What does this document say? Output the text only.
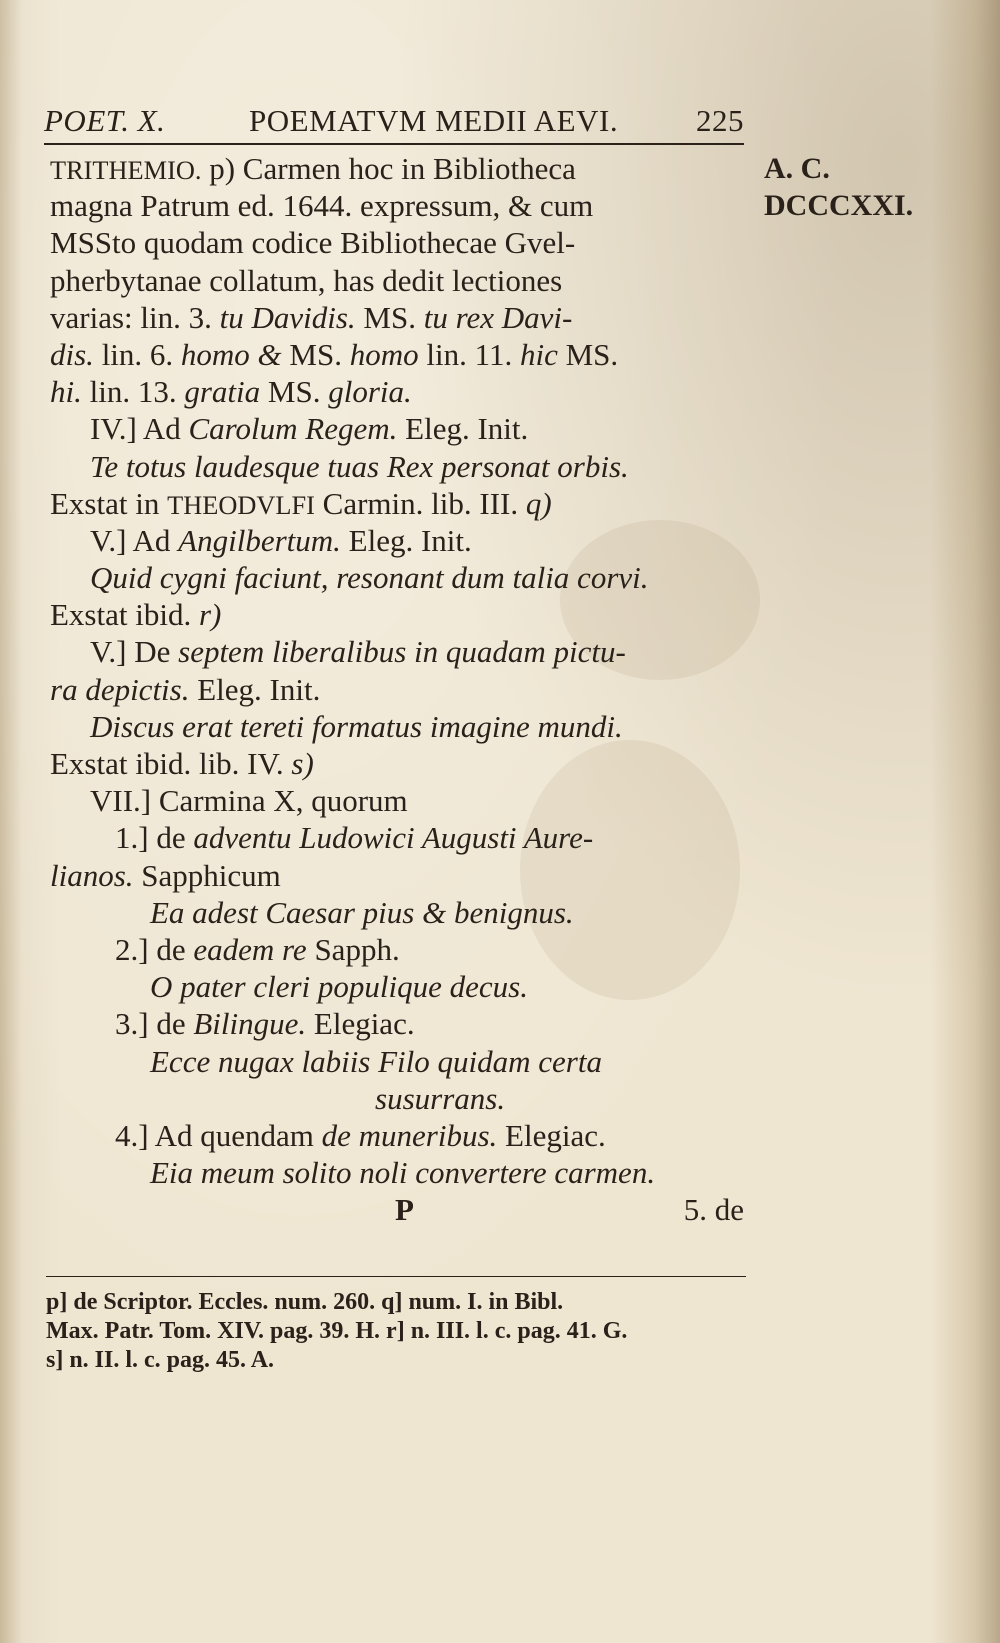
POET. X.	POEMATVM MEDII AEVI.	225
A. C.
DCCCXXI.
TRITHEMIO. p) Carmen hoc in Bibliotheca
magna Patrum ed. 1644. expressum, & cum
MSSto quodam codice Bibliothecae Gvel-
pherbytanae collatum, has dedit lectiones
varias: lin. 3. tu Davidis. MS. tu rex Davi-
dis. lin. 6. homo & MS. homo lin. 11. hic MS.
hi. lin. 13. gratia MS. gloria.
IV.] Ad Carolum Regem. Eleg. Init.
Te totus laudesque tuas Rex personat orbis.
Exstat in THEODVLFI Carmin. lib. III. q)
V.] Ad Angilbertum. Eleg. Init.
Quid cygni faciunt, resonant dum talia corvi.
Exstat ibid. r)
V.] De septem liberalibus in quadam pictu-
ra depictis. Eleg. Init.
Discus erat tereti formatus imagine mundi.
Exstat ibid. lib. IV. s)
VII.] Carmina X, quorum
1.] de adventu Ludowici Augusti Aure-
lianos. Sapphicum
Ea adest Caesar pius & benignus.
2.] de eadem re Sapph.
O pater cleri populique decus.
3.] de Bilingue. Elegiac.
Ecce nugax labiis Filo quidam certa
susurrans.
4.] Ad quendam de muneribus. Elegiac.
Eia meum solito noli convertere carmen.
P	5. de
p] de Scriptor. Eccles. num. 260. q] num. I. in Bibl.
Max. Patr. Tom. XIV. pag. 39. H. r] n. III. l. c. pag. 41. G.
s] n. II. l. c. pag. 45. A.
